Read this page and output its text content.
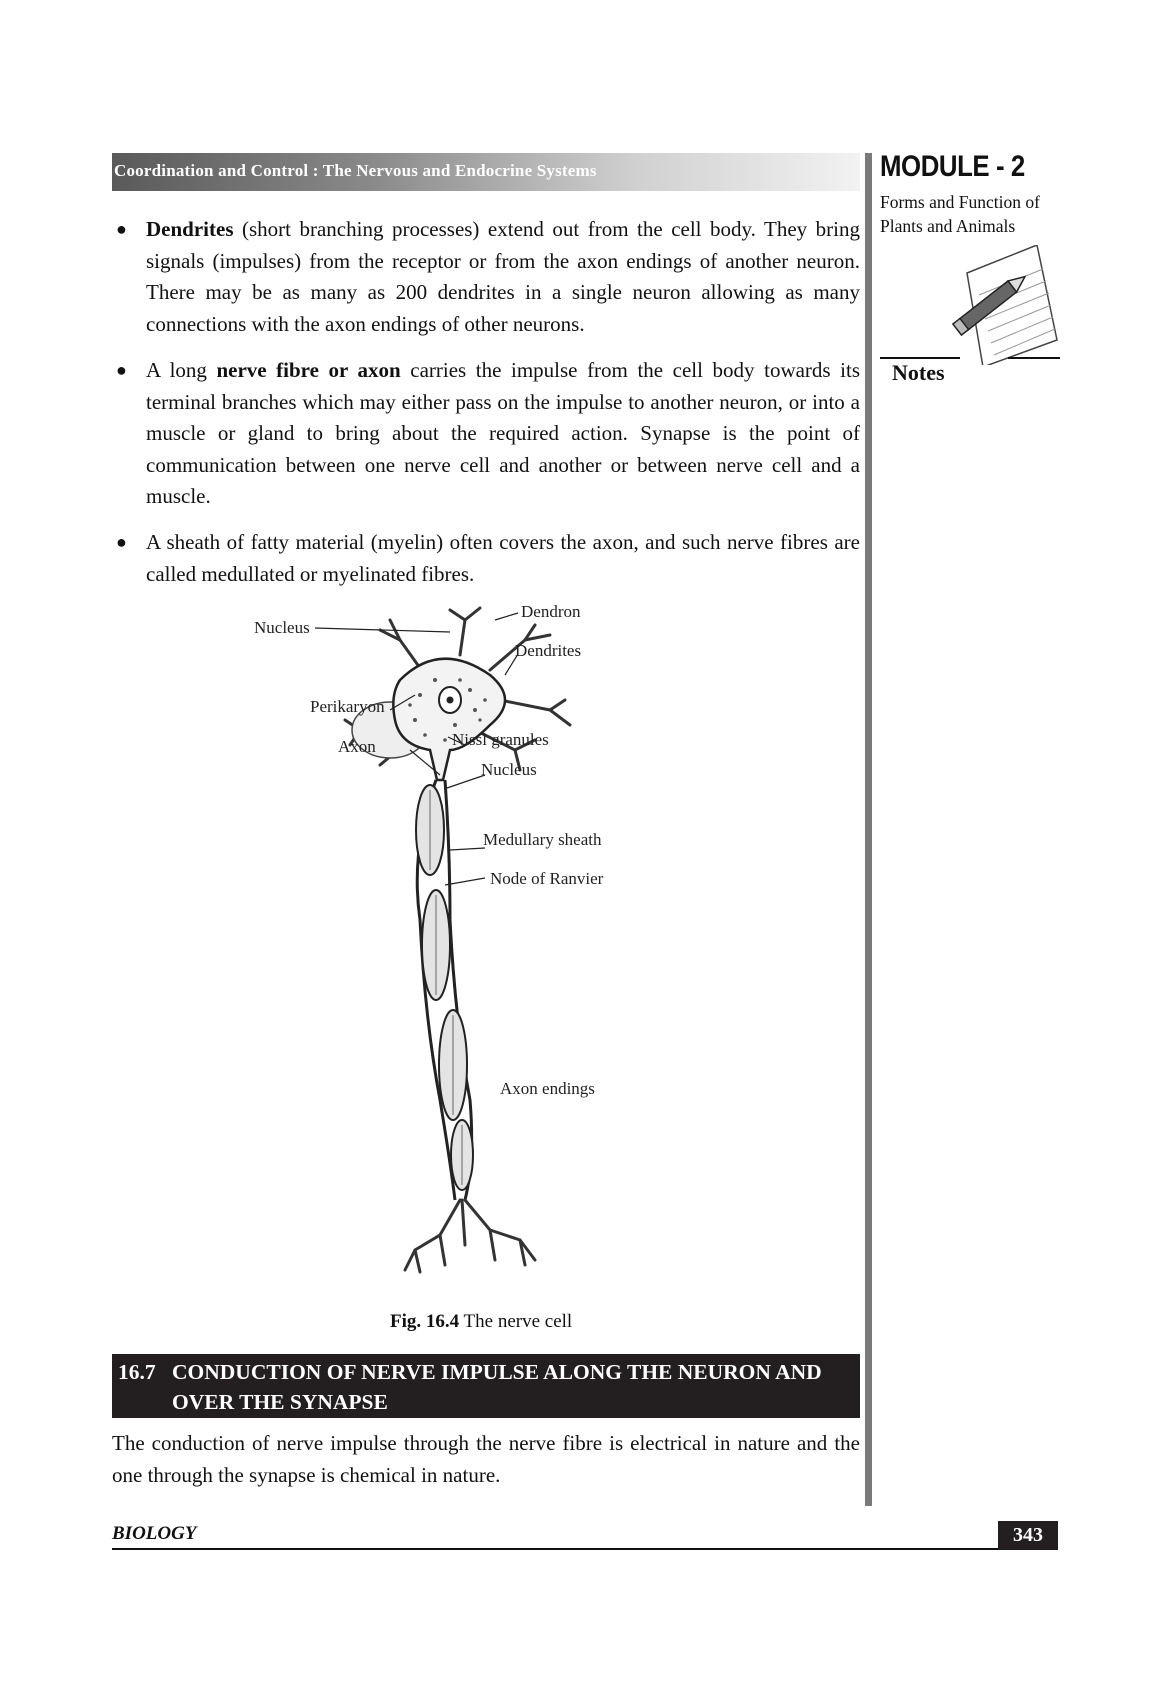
Coordination and Control : The Nervous and Endocrine Systems	MODULE - 2
Forms and Function of
Plants and Animals
Notes
● Dendrites (short branching processes) extend out from the cell body. They bring signals (impulses) from the receptor or from the axon endings of another neuron. There may be as many as 200 dendrites in a single neuron allowing as many connections with the axon endings of other neurons.
● A long nerve fibre or axon carries the impulse from the cell body towards its terminal branches which may either pass on the impulse to another neuron, or into a muscle or gland to bring about the required action. Synapse is the point of communication between one nerve cell and another or between nerve cell and a muscle.
● A sheath of fatty material (myelin) often covers the axon, and such nerve fibres are called medullated or myelinated fibres.
Dendron
Nucleus
Dendrites
Perikaryon
Axon	Nissl granules
Nucleus
Medullary sheath
Node of Ranvier
Axon endings
Fig. 16.4 The nerve cell
16.7 CONDUCTION OF NERVE IMPULSE ALONG THE NEURON AND OVER THE SYNAPSE
The conduction of nerve impulse through the nerve fibre is electrical in nature and the one through the synapse is chemical in nature.
BIOLOGY	343
